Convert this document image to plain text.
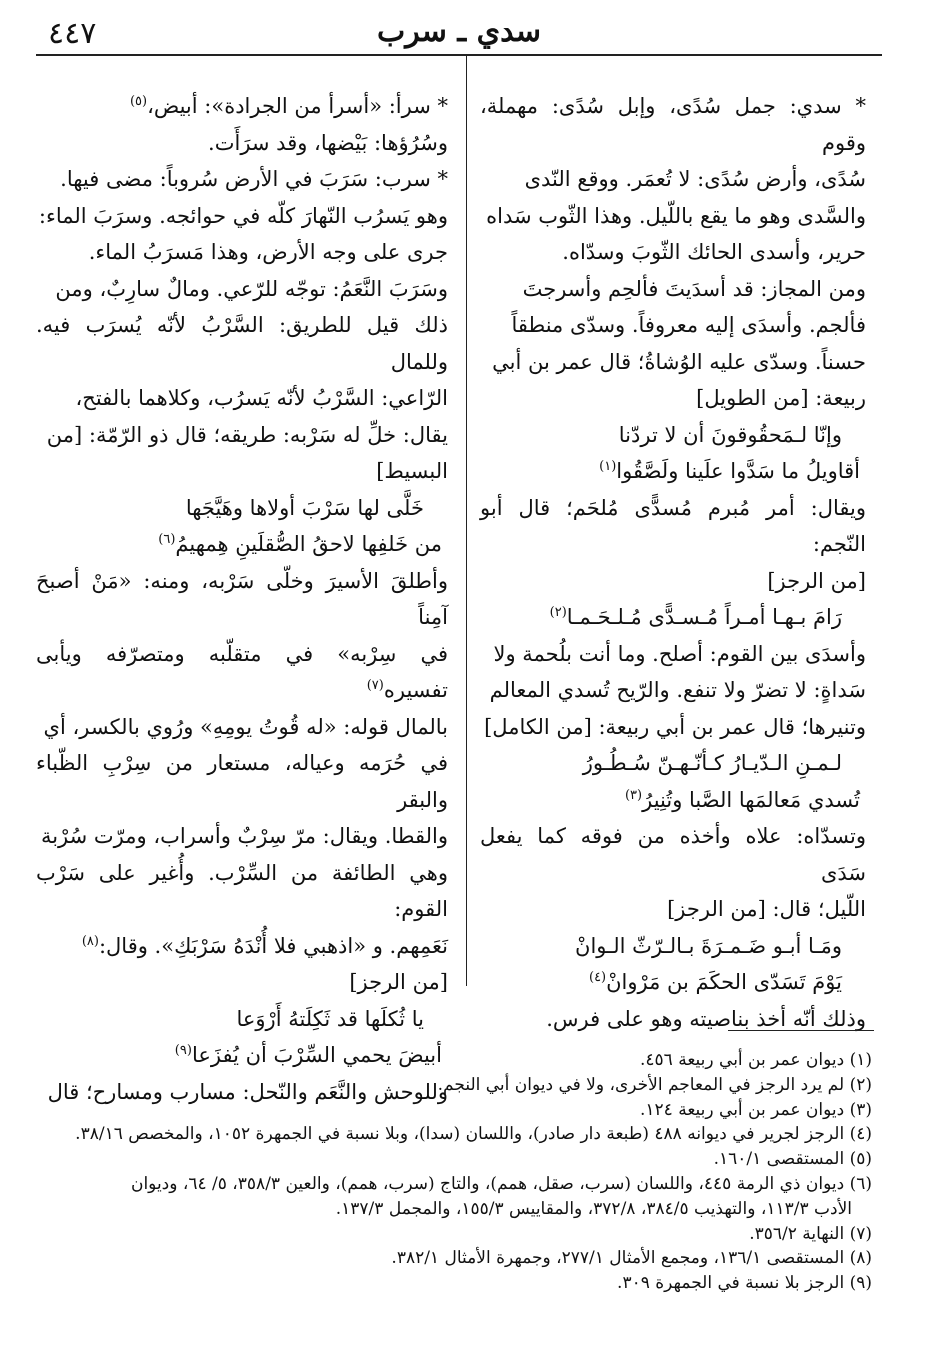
٤٤٧	سدي ـ سرب

* سدي: جمل سُدًى، وإبل سُدًى: مهملة، وقوم

سُدًى، وأرض سُدًى: لا تُعمَر. ووقع النّدى

والسَّدى وهو ما يقع باللّيل. وهذا الثّوب سَداه

حرير، وأسدى الحائك الثّوبَ وسدّاه.

ومن المجاز: قد أسدَيتَ فألحِم وأسرجتَ

فألجم. وأسدَى إليه معروفاً. وسدّى منطقاً

حسناً. وسدّى عليه الوُشاةُ؛ قال عمر بن أبي

ربيعة: [من الطويل]

وإنّا لـمَحقُوقونَ أن لا تردّنا

أقاويلُ ما سَدَّوا علَينا ولَصَّقُوا$^{(١)}$

ويقال: أمر مُبرم مُسدًّى مُلحَم؛ قال أبو النّجم:

[من الرجز]

رَامَ بـهـا أمـراً مُـسـدًّى مُـلـحَـمـا$^{(٢)}$

وأسدَى بين القوم: أصلح. وما أنت بلُحمة ولا

سَداةٍ: لا تضرّ ولا تنفع. والرّيح تُسدي المعالم

وتنيرها؛ قال عمر بن أبي ربيعة: [من الكامل]

لـمـنِ الـدّيـارُ كـأنّـهـنّ سُـطُـورُ

تُسدي مَعالمَها الصَّبا وتُنِيرُ$^{(٣)}$

وتسدّاه: علاه وأخذه من فوقه كما يفعل سَدَى

اللّيل؛ قال: [من الرجز]

ومَـا أبـو ضَـمـرَةَ بـالـرّثّ الـوانْ

يَوْمَ تَسَدّى الحكَمَ بن مَرْوانْ$^{(٤)}$

وذلك أنّه أخذ بناصيته وهو على فرس.

* سرأ: «أسرأ من الجرادة»: أبيض،$^{(٥)}$

وسُرُؤها: بَيْضها، وقد سرَأَت.

* سرب: سَرَبَ في الأرض سُروباً: مضى فيها.

وهو يَسرُب النّهارَ كلّه في حوائجه. وسرَبَ الماء:

جرى على وجه الأرض، وهذا مَسرَبُ الماء.

وسَرَبَ النَّعَمُ: توجّه للرّعي. ومالٌ سارِبٌ، ومن

ذلك قيل للطريق: السَّرْبُ لأنّه يُسرَب فيه. وللمال

الرّاعي: السَّرْبُ لأنّه يَسرُب، وكلاهما بالفتح،

يقال: خلِّ له سَرْبه: طريقه؛ قال ذو الرّمّة: [من

البسيط]

خَلَّى لها سَرْبَ أولاها وهَيَّجَها

من خَلفِها لاحقُ الصُّقلَينِ هِمهيمُ$^{(٦)}$

وأطلقَ الأسيرَ وخلّى سَرْبه، ومنه: «مَنْ أصبحَ آمِناً

في سِرْبه» في متقلّبه ومتصرّفه ويأبى تفسيره$^{(٧)}$

بالمال قوله: «له قُوتُ يومِهِ» ورُوي بالكسر، أي

في حُرَمه وعياله، مستعار من سِرْبِ الظّباء والبقر

والقطا. ويقال: مرّ سِرْبٌ وأسراب، ومرّت سُرْبة

وهي الطائفة من السِّرْب. وأُغير على سَرْب القوم:

نَعَمِهم. و «اذهبي فلا أُنْدَهُ سَرْبَكِ». وقال:$^{(٨)}$

[من الرجز]

يا ثُكلَها قد ثَكِلَتهُ أَرْوَعا

أبيضَ يحمي السِّرْبَ أن يُفزَعا$^{(٩)}$

وللوحش والنَّعَم والنّحل: مسارب ومسارح؛ قال

(١) ديوان عمر بن أبي ربيعة ٤٥٦.

(٢) لم يرد الرجز في المعاجم الأخرى، ولا في ديوان أبي النجم.

(٣) ديوان عمر بن أبي ربيعة ١٢٤.

(٤) الرجز لجرير في ديوانه ٤٨٨ (طبعة دار صادر)، واللسان (سدا)، وبلا نسبة في الجمهرة ١٠٥٢، والمخصص ٣٨/١٦.

(٥) المستقصى ١٦٠/١.

(٦) ديوان ذي الرمة ٤٤٥، واللسان (سرب، صقل، همم)، والتاج (سرب، همم)، والعين ٣٥٨/٣، ٥/ ٦٤، وديوان

الأدب ١١٣/٣، والتهذيب ٣٨٤/٥، ٣٧٢/٨، والمقاييس ١٥٥/٣، والمجمل ١٣٧/٣.

(٧) النهاية ٣٥٦/٢.

(٨) المستقصى ١٣٦/١، ومجمع الأمثال ٢٧٧/١، وجمهرة الأمثال ٣٨٢/١.

(٩) الرجز بلا نسبة في الجمهرة ٣٠٩.
